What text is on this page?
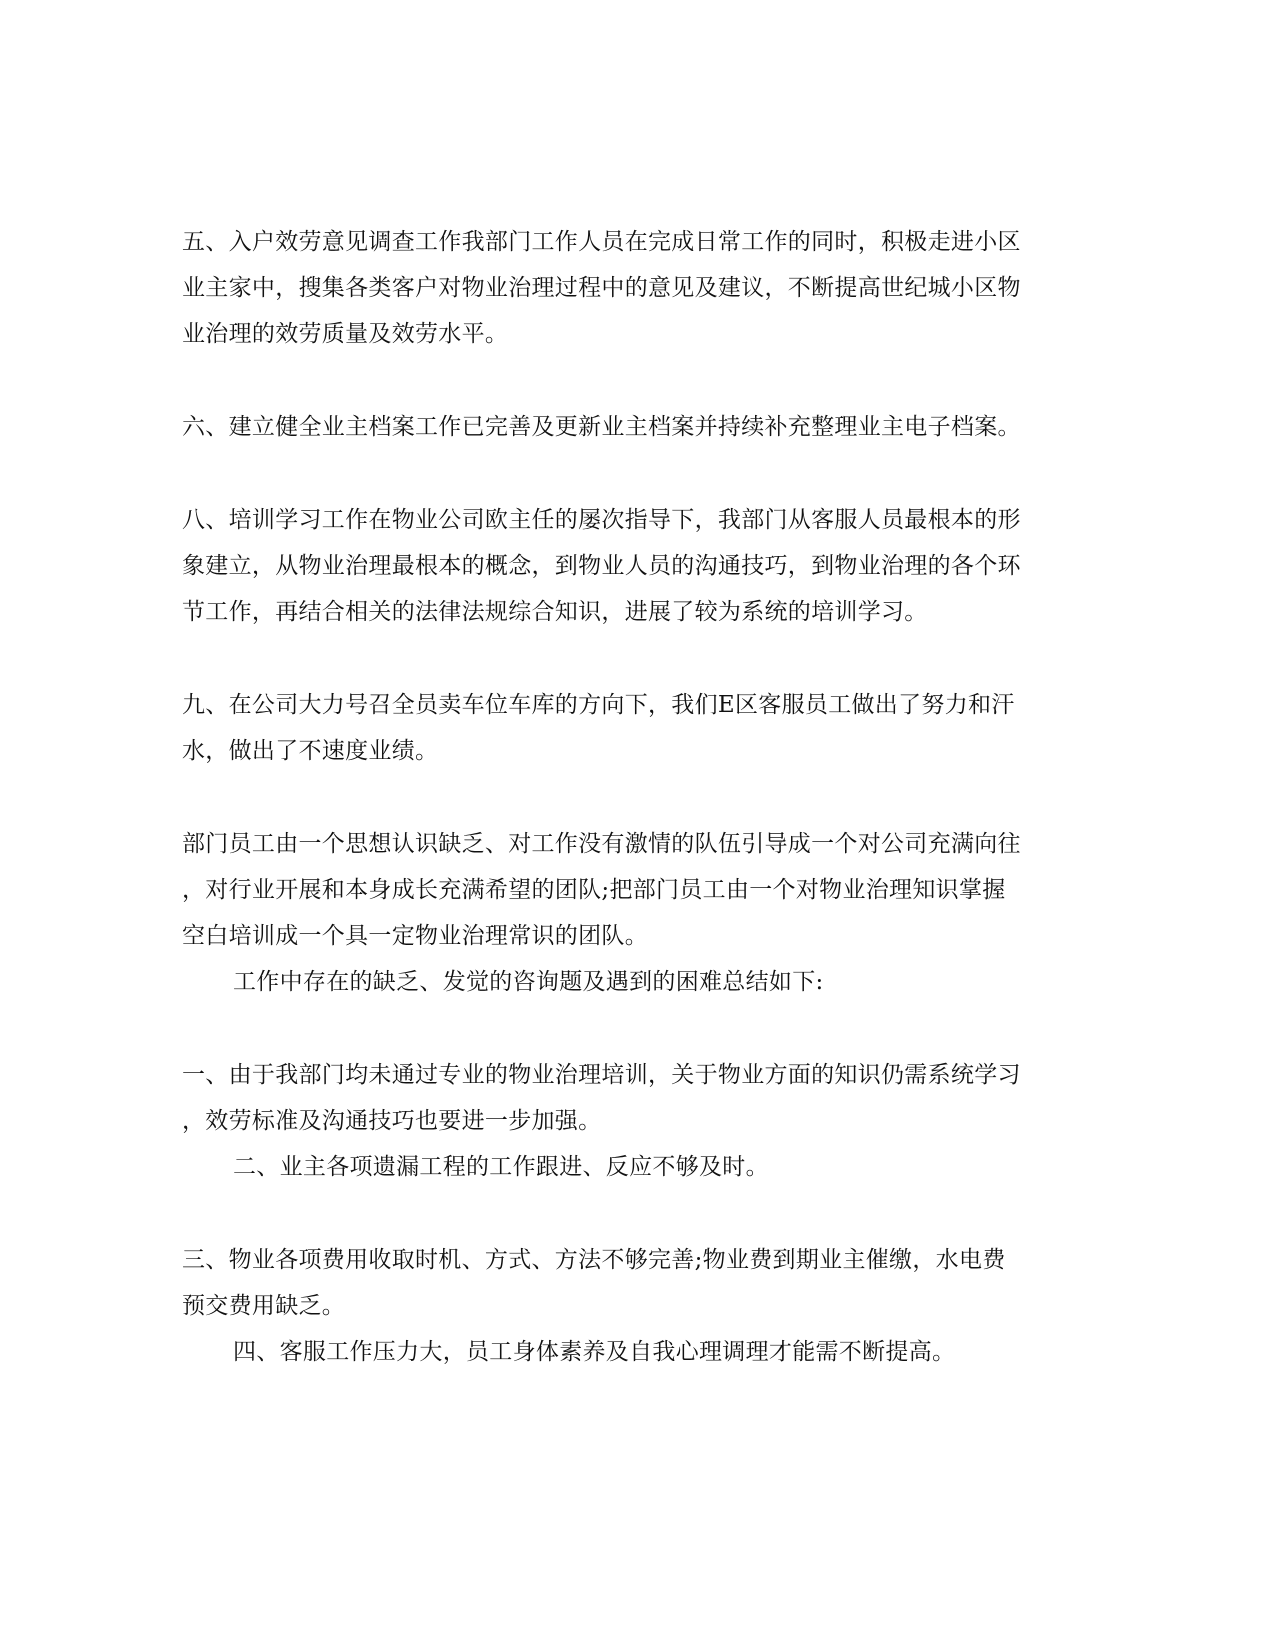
五、入户效劳意见调查工作我部门工作人员在完成日常工作的同时，积极走进小区

业主家中，搜集各类客户对物业治理过程中的意见及建议，不断提高世纪城小区物

业治理的效劳质量及效劳水平。

六、建立健全业主档案工作已完善及更新业主档案并持续补充整理业主电子档案。

八、培训学习工作在物业公司欧主任的屡次指导下，我部门从客服人员最根本的形

象建立，从物业治理最根本的概念，到物业人员的沟通技巧，到物业治理的各个环

节工作，再结合相关的法律法规综合知识，进展了较为系统的培训学习。

九、在公司大力号召全员卖车位车库的方向下，我们E区客服员工做出了努力和汗

水，做出了不速度业绩。

部门员工由一个思想认识缺乏、对工作没有激情的队伍引导成一个对公司充满向往

，对行业开展和本身成长充满希望的团队;把部门员工由一个对物业治理知识掌握

空白培训成一个具一定物业治理常识的团队。

工作中存在的缺乏、发觉的咨询题及遇到的困难总结如下:

一、由于我部门均未通过专业的物业治理培训，关于物业方面的知识仍需系统学习

，效劳标准及沟通技巧也要进一步加强。

二、业主各项遗漏工程的工作跟进、反应不够及时。

三、物业各项费用收取时机、方式、方法不够完善;物业费到期业主催缴，水电费

预交费用缺乏。

四、客服工作压力大，员工身体素养及自我心理调理才能需不断提高。
